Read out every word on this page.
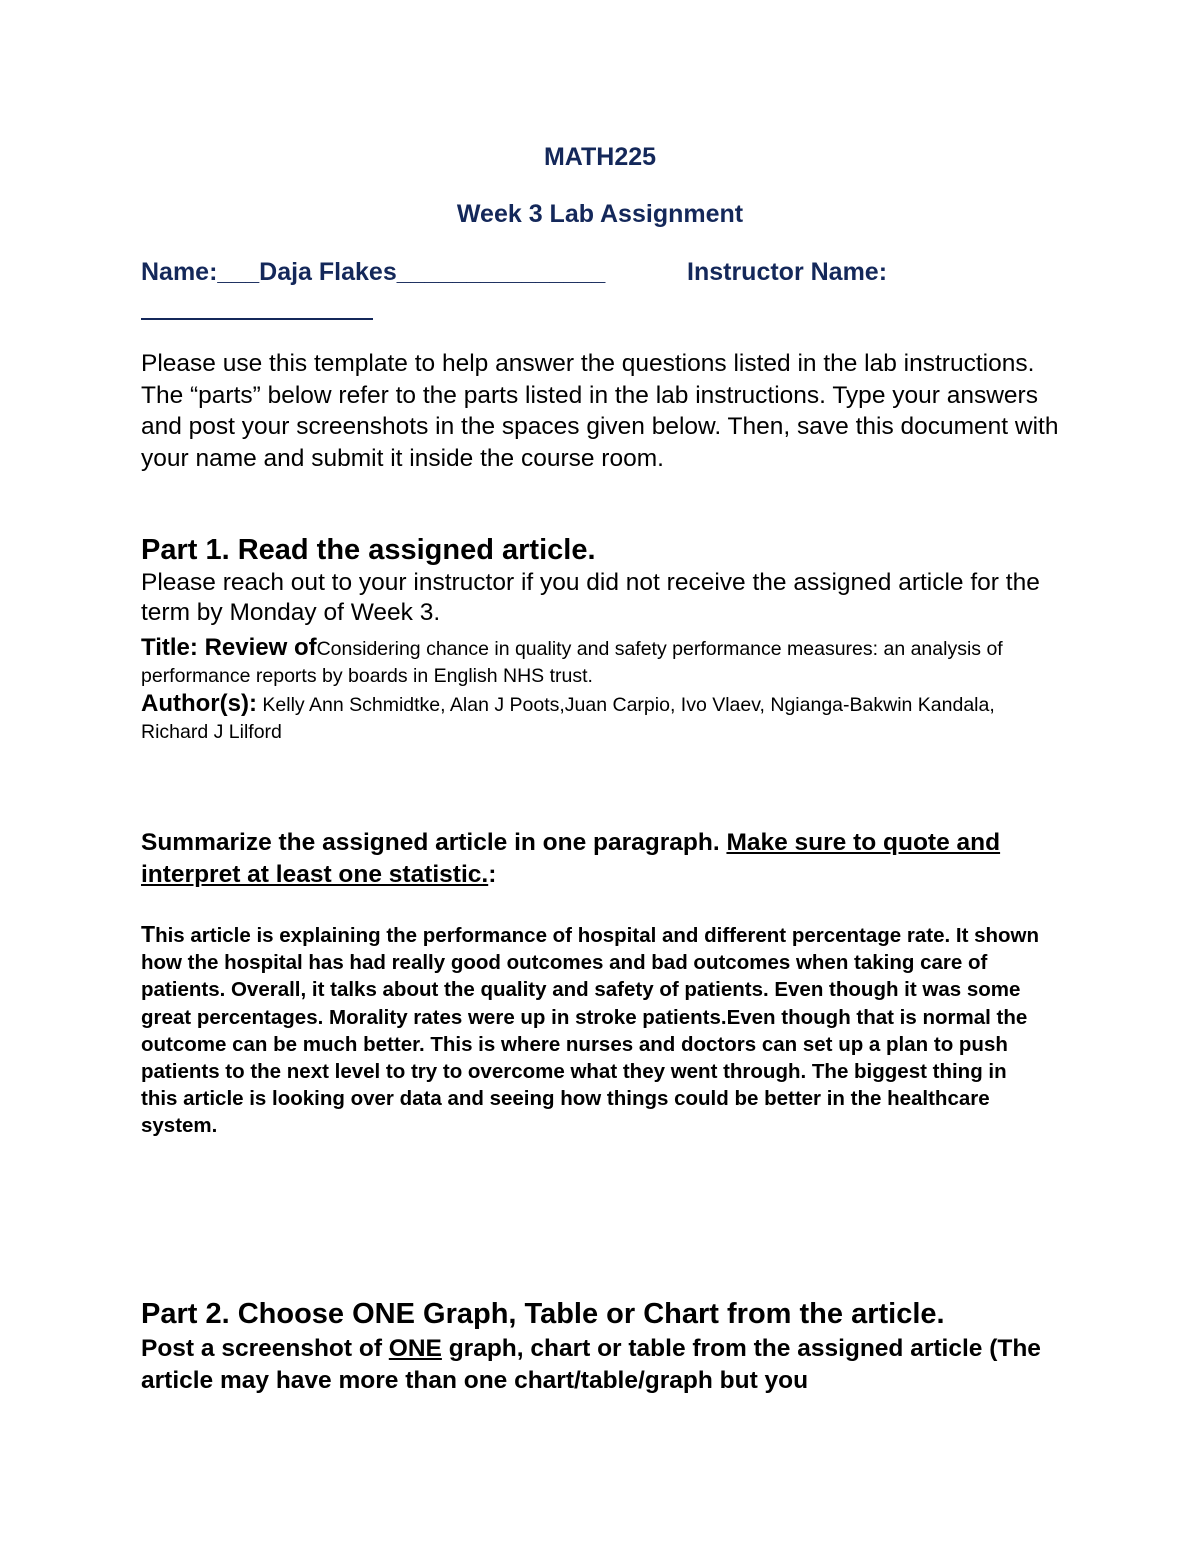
MATH225
Week 3 Lab Assignment
Name:___Daja Flakes_______________	Instructor Name:
Please use this template to help answer the questions listed in the lab instructions. The “parts” below refer to the parts listed in the lab instructions. Type your answers and post your screenshots in the spaces given below. Then, save this document with your name and submit it inside the course room.
Part 1. Read the assigned article.
Please reach out to your instructor if you did not receive the assigned article for the term by Monday of Week 3.
Title: Review ofConsidering chance in quality and safety performance measures: an analysis of performance reports by boards in English NHS trust.
Author(s): Kelly Ann Schmidtke, Alan J Poots,Juan Carpio, Ivo Vlaev, Ngianga-Bakwin Kandala,
Richard J Lilford
Summarize the assigned article in one paragraph. Make sure to quote and interpret at least one statistic.:
This article is explaining the performance of hospital and different percentage rate. It shown how the hospital has had really good outcomes and bad outcomes when taking care of patients. Overall, it talks about the quality and safety of patients. Even though it was some great percentages. Morality rates were up in stroke patients.Even though that is normal the outcome can be much better. This is where nurses and doctors can set up a plan to push patients to the next level to try to overcome what they went through. The biggest thing in this article is looking over data and seeing how things could be better in the healthcare system.
Part 2. Choose ONE Graph, Table or Chart from the article.
Post a screenshot of ONE graph, chart or table from the assigned article (The article may have more than one chart/table/graph but you
